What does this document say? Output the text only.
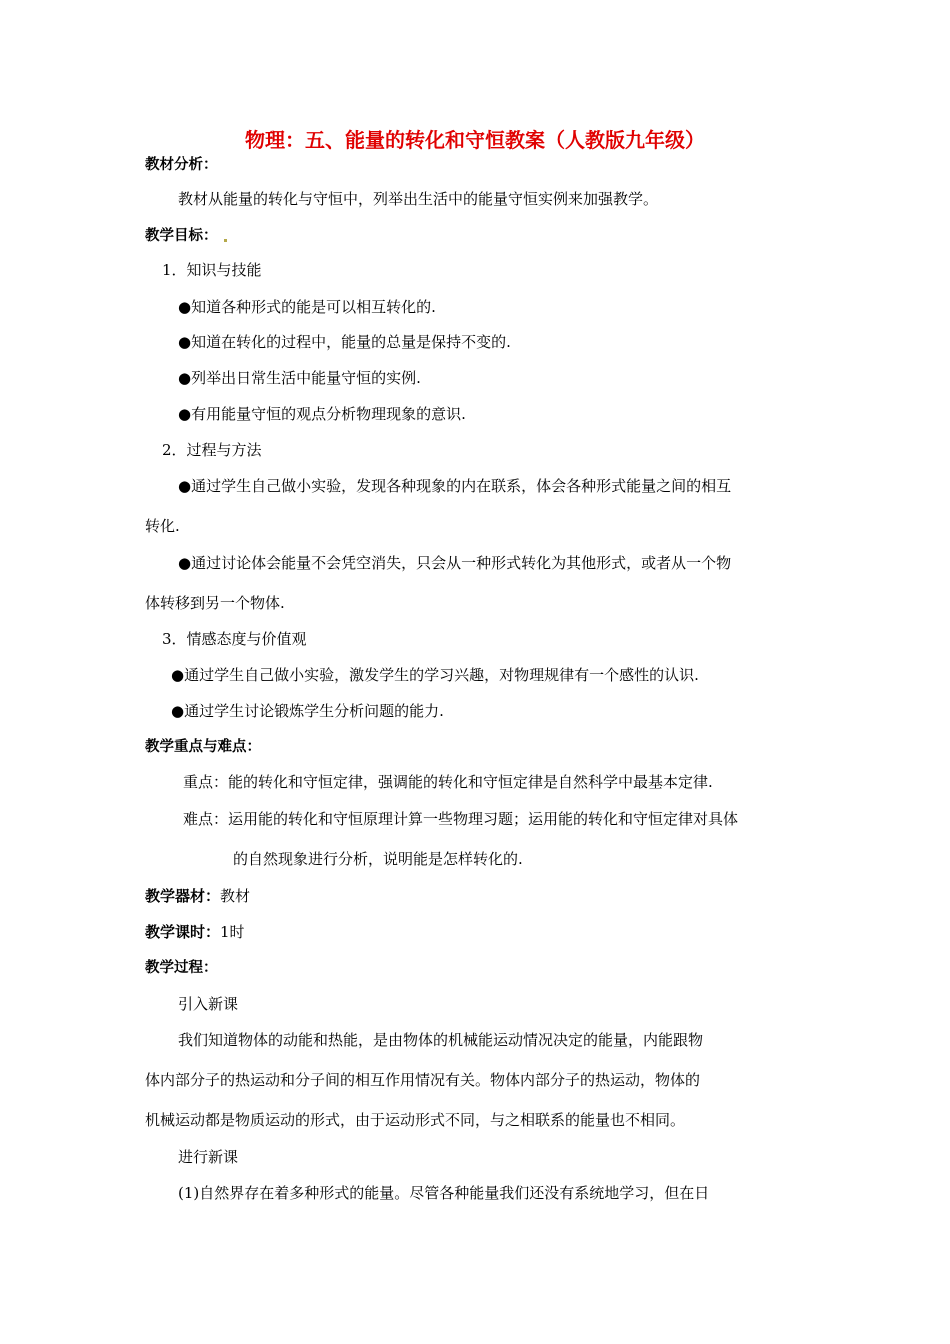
物理：五、能量的转化和守恒教案（人教版九年级）
教材分析：
教材从能量的转化与守恒中，列举出生活中的能量守恒实例来加强教学。
教学目标：
1．知识与技能
●知道各种形式的能是可以相互转化的.
●知道在转化的过程中，能量的总量是保持不变的.
●列举出日常生活中能量守恒的实例.
●有用能量守恒的观点分析物理现象的意识.
2．过程与方法
●通过学生自己做小实验，发现各种现象的内在联系，体会各种形式能量之间的相互
转化.
●通过讨论体会能量不会凭空消失，只会从一种形式转化为其他形式，或者从一个物
体转移到另一个物体.
3．情感态度与价值观
●通过学生自己做小实验，激发学生的学习兴趣，对物理规律有一个感性的认识.
●通过学生讨论锻炼学生分析问题的能力.
教学重点与难点：
重点：能的转化和守恒定律，强调能的转化和守恒定律是自然科学中最基本定律.
难点：运用能的转化和守恒原理计算一些物理习题；运用能的转化和守恒定律对具体
的自然现象进行分析，说明能是怎样转化的.
教学器材：教材
教学课时：1时
教学过程：
引入新课
我们知道物体的动能和热能，是由物体的机械能运动情况决定的能量，内能跟物
体内部分子的热运动和分子间的相互作用情况有关。物体内部分子的热运动，物体的
机械运动都是物质运动的形式，由于运动形式不同，与之相联系的能量也不相同。
进行新课
(1)自然界存在着多种形式的能量。尽管各种能量我们还没有系统地学习，但在日
